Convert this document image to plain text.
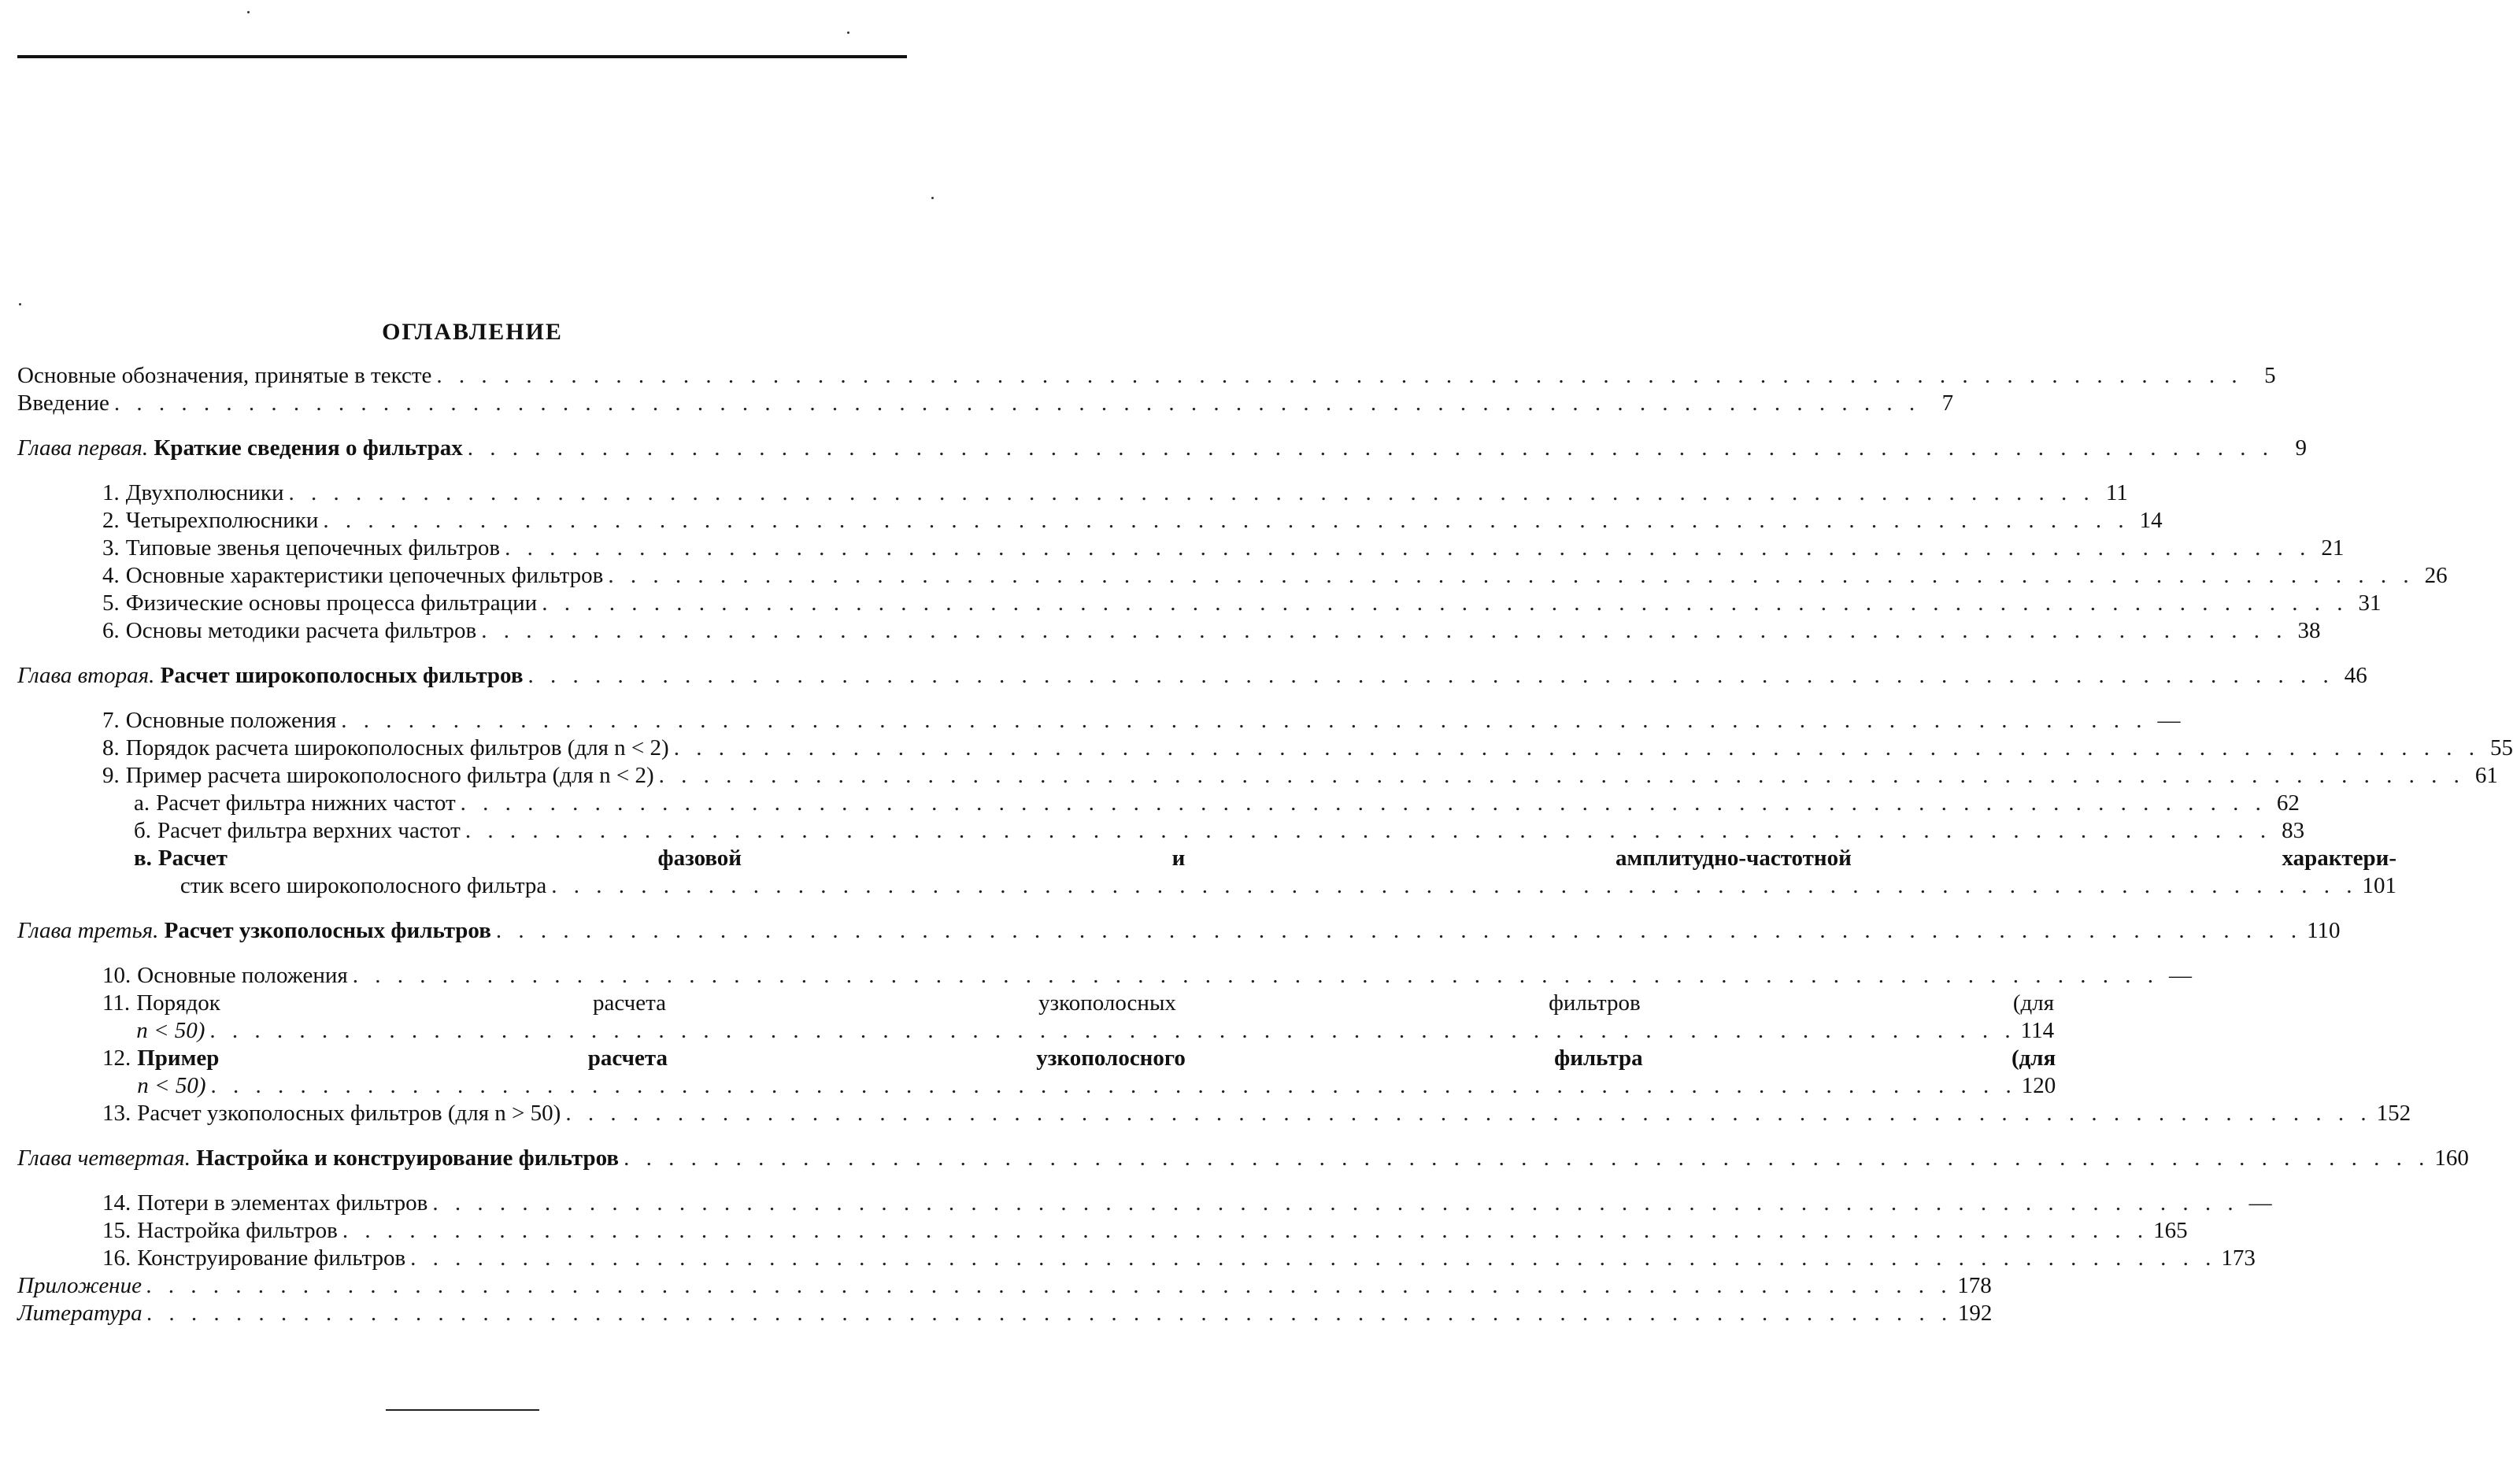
ОГЛАВЛЕНИЕ
Основные обозначения, принятые в тексте . . .	5
Введение . . .	7
Глава первая. Краткие сведения о фильтрах . . .	9
1. Двухполюсники . . .	11
2. Четырехполюсники . . .	14
3. Типовые звенья цепочечных фильтров . . .	21
4. Основные характеристики цепочечных фильтров . . .	26
5. Физические основы процесса фильтрации . . .	31
6. Основы методики расчета фильтров . . .	38
Глава вторая. Расчет широкополосных фильтров . . .	46
7. Основные положения . . .	—
8. Порядок расчета широкополосных фильтров (для n < 2) . . .	55
9. Пример расчета широкополосного фильтра (для n < 2) . . .	61
а. Расчет фильтра нижних частот . . .	62
б. Расчет фильтра верхних частот . . .	83
в. Расчет фазовой и амплитудно-частотной характери-
стик всего широкополосного фильтра . . .	101
Глава третья. Расчет узкополосных фильтров . . .	110
10. Основные положения . . .	—
11. Порядок расчета узкополосных фильтров (для
n < 50) . . .	114
12. Пример расчета узкополосного фильтра (для
n < 50) . . .	120
13. Расчет узкополосных фильтров (для n > 50) . . .	152
Глава четвертая. Настройка и конструирование фильтров . . .	160
14. Потери в элементах фильтров . . .	—
15. Настройка фильтров . . .	165
16. Конструирование фильтров . . .	173
Приложение . . .	178
Литература . . .	192
